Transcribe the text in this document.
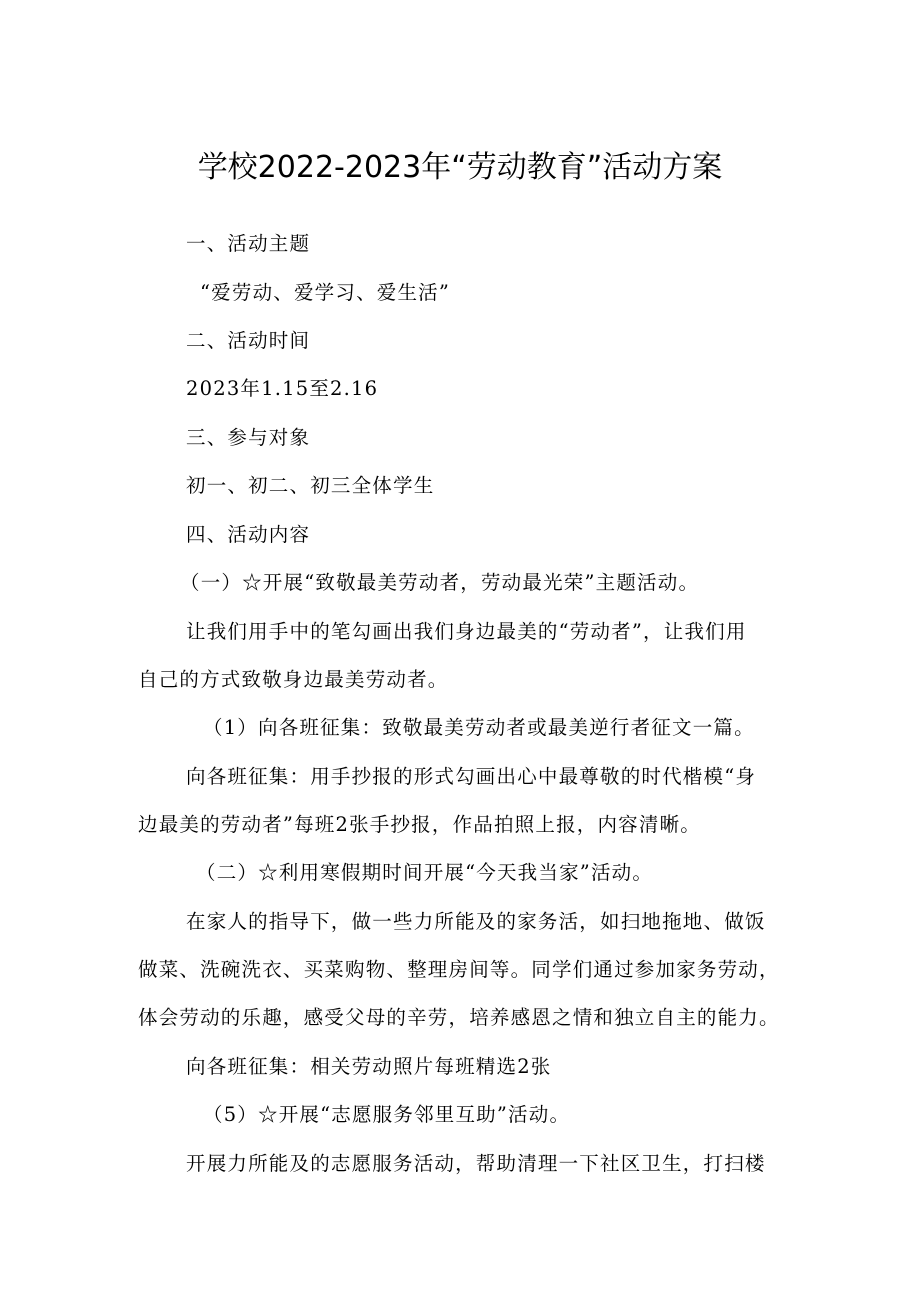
学校2022-2023年“劳动教育”活动方案
一、活动主题
“爱劳动、爱学习、爱生活”
二、活动时间
2023年1.15至2.16
三、参与对象
初一、初二、初三全体学生
四、活动内容
（一）☆开展“致敬最美劳动者，劳动最光荣”主题活动。
让我们用手中的笔勾画出我们身边最美的“劳动者”，让我们用
自己的方式致敬身边最美劳动者。
（1）向各班征集：致敬最美劳动者或最美逆行者征文一篇。
向各班征集：用手抄报的形式勾画出心中最尊敬的时代楷模“身
边最美的劳动者”每班2张手抄报，作品拍照上报，内容清晰。
（二）☆利用寒假期时间开展“今天我当家”活动。
在家人的指导下，做一些力所能及的家务活，如扫地拖地、做饭
做菜、洗碗洗衣、买菜购物、整理房间等。同学们通过参加家务劳动，
体会劳动的乐趣，感受父母的辛劳，培养感恩之情和独立自主的能力。
向各班征集：相关劳动照片每班精选2张
（5）☆开展“志愿服务邻里互助”活动。
开展力所能及的志愿服务活动，帮助清理一下社区卫生，打扫楼
